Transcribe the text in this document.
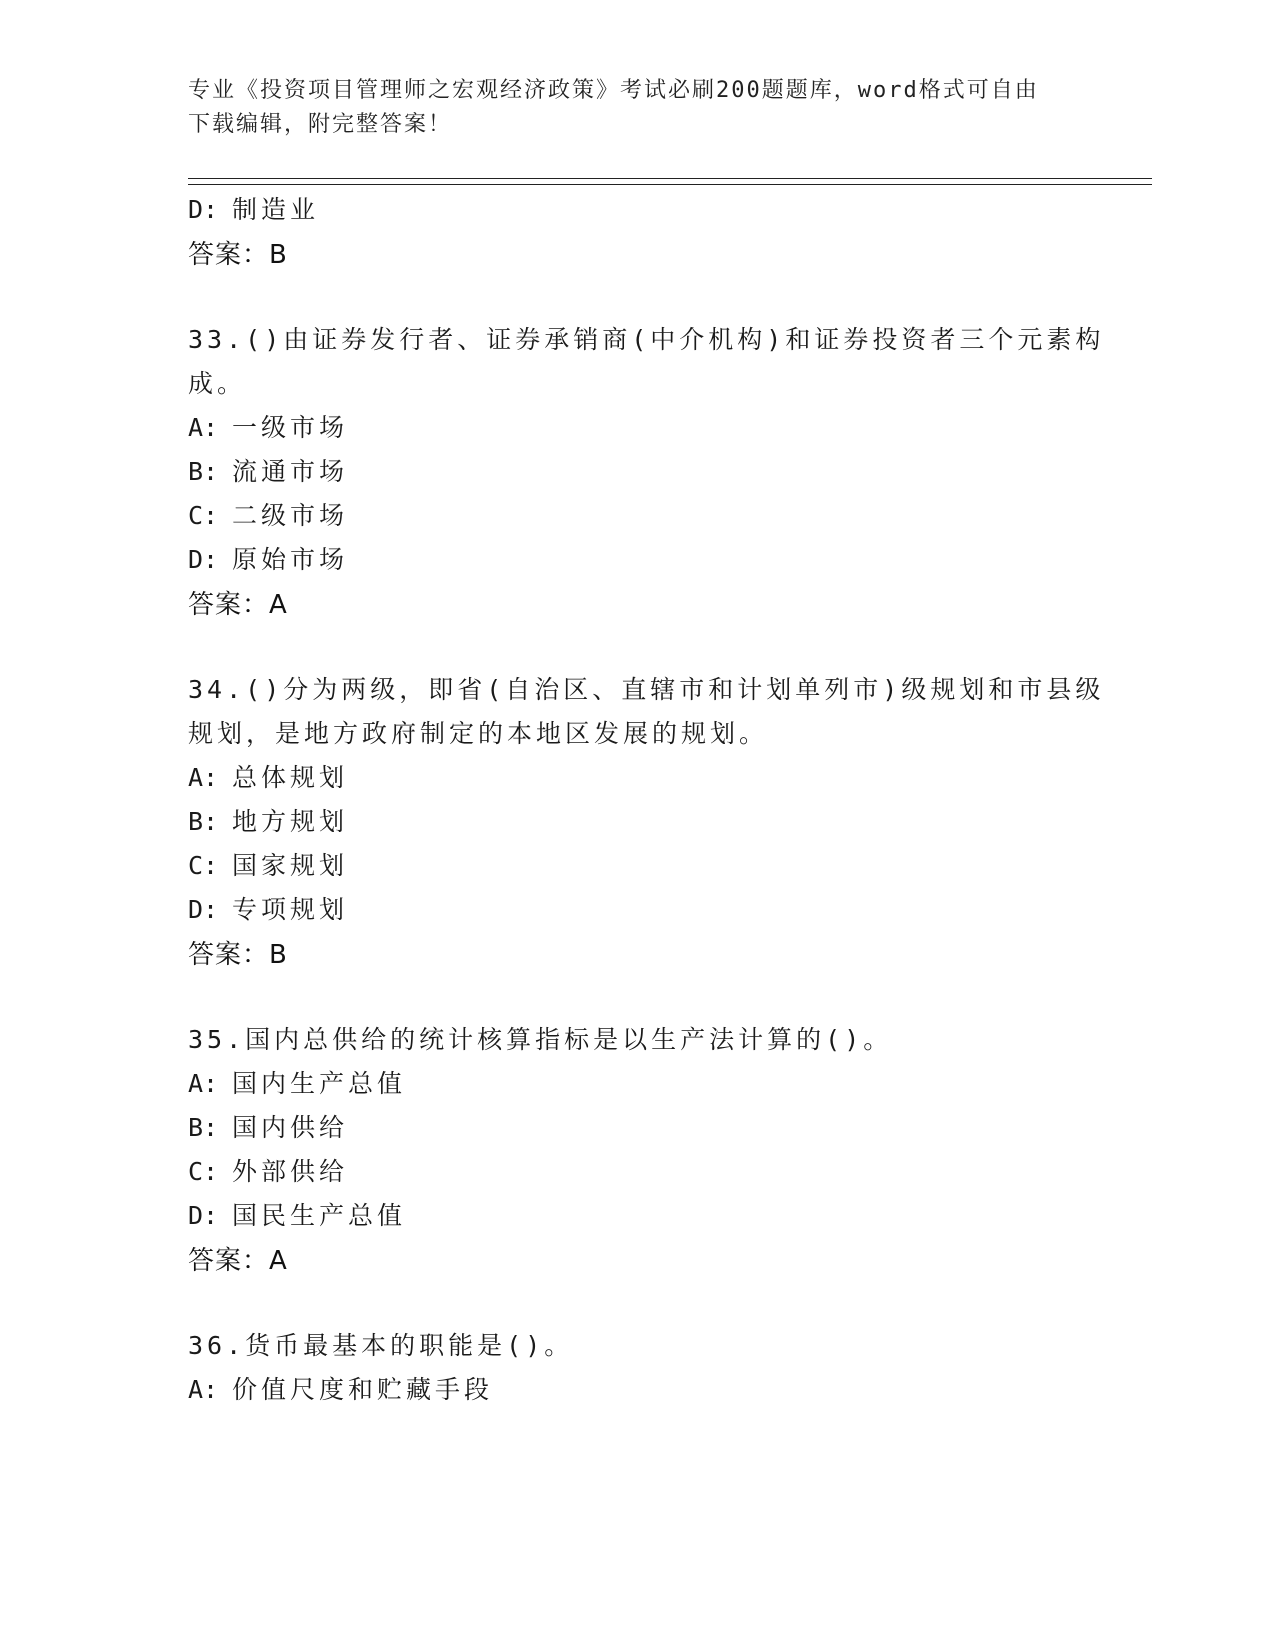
专业《投资项目管理师之宏观经济政策》考试必刷200题题库，word格式可自由
下载编辑，附完整答案！
D: 制造业
答案：B
33.()由证券发行者、证券承销商(中介机构)和证券投资者三个元素构
成。
A: 一级市场
B: 流通市场
C: 二级市场
D: 原始市场
答案：A
34.()分为两级，即省(自治区、直辖市和计划单列市)级规划和市县级
规划，是地方政府制定的本地区发展的规划。
A: 总体规划
B: 地方规划
C: 国家规划
D: 专项规划
答案：B
35.国内总供给的统计核算指标是以生产法计算的()。
A: 国内生产总值
B: 国内供给
C: 外部供给
D: 国民生产总值
答案：A
36.货币最基本的职能是()。
A: 价值尺度和贮藏手段
